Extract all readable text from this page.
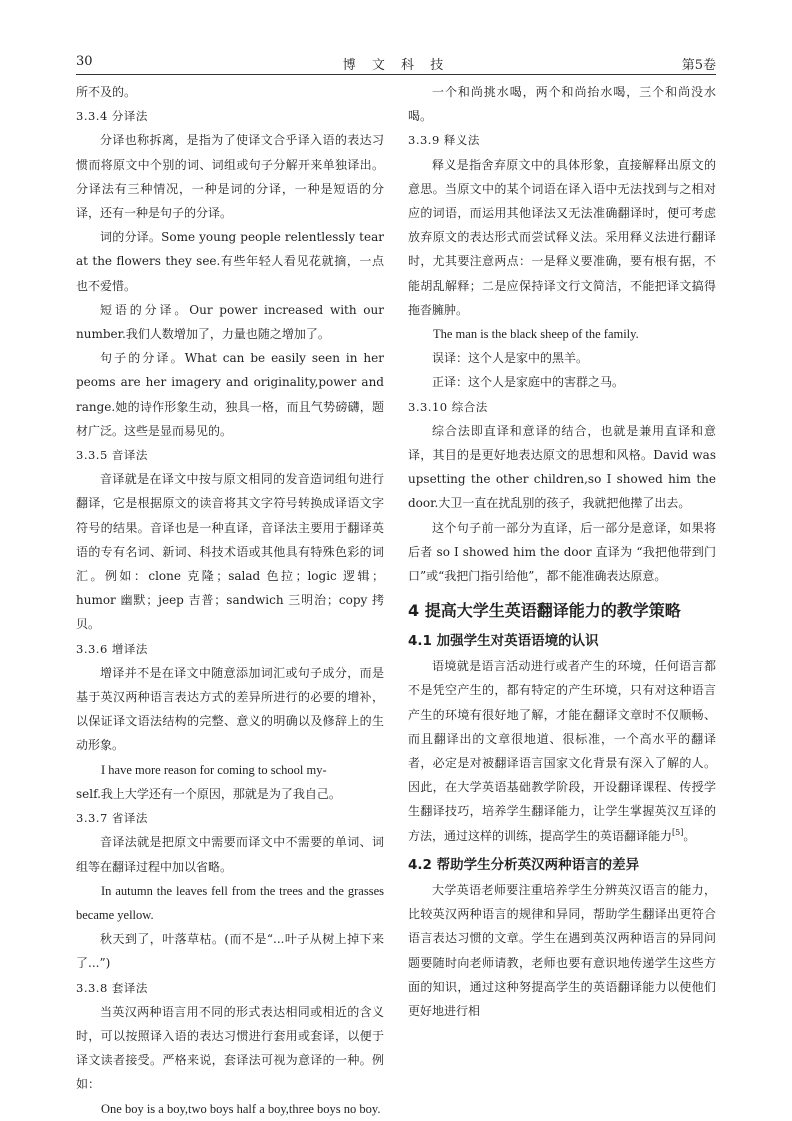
30	博 文 科 技	第5卷

所不及的。

3.3.4 分译法

分译也称拆离，是指为了使译文合乎译入语的表达习惯而将原文中个别的词、词组或句子分解开来单独译出。分译法有三种情况，一种是词的分译，一种是短语的分译，还有一种是句子的分译。

词的分译。Some young people relentlessly tear at the flowers they see.有些年轻人看见花就摘，一点也不爱惜。

短语的分译。Our power increased with our number.我们人数增加了，力量也随之增加了。

句子的分译。What can be easily seen in her peoms are her imagery and originality,power and range.她的诗作形象生动，独具一格，而且气势磅礴，题材广泛。这些是显而易见的。

3.3.5 音译法

音译就是在译文中按与原文相同的发音造词组句进行翻译，它是根据原文的读音将其文字符号转换成译语文字符号的结果。音译也是一种直译，音译法主要用于翻译英语的专有名词、新词、科技术语或其他具有特殊色彩的词汇。例如：clone 克隆；salad 色拉；logic 逻辑；humor 幽默；jeep 吉普；sandwich 三明治；copy 拷贝。

3.3.6 增译法

增译并不是在译文中随意添加词汇或句子成分，而是基于英汉两种语言表达方式的差异所进行的必要的增补，以保证译文语法结构的完整、意义的明确以及修辞上的生动形象。

I have more reason for coming to school my-

self.我上大学还有一个原因，那就是为了我自己。

3.3.7 省译法

音译法就是把原文中需要而译文中不需要的单词、词组等在翻译过程中加以省略。

In autumn the leaves fell from the trees and the grasses became yellow.

秋天到了，叶落草枯。(而不是“...叶子从树上掉下来了...”)

3.3.8 套译法

当英汉两种语言用不同的形式表达相同或相近的含义时，可以按照译入语的表达习惯进行套用或套译，以便于译文读者接受。严格来说，套译法可视为意译的一种。例如：

One boy is a boy,two boys half a boy,three boys no boy.

一个和尚挑水喝，两个和尚抬水喝，三个和尚没水喝。

3.3.9 释义法

释义是指舍弃原文中的具体形象，直接解释出原文的意思。当原文中的某个词语在译入语中无法找到与之相对应的词语，而运用其他译法又无法准确翻译时，便可考虑放弃原文的表达形式而尝试释义法。采用释义法进行翻译时，尤其要注意两点：一是释义要准确，要有根有据，不能胡乱解释；二是应保持译文行文简洁，不能把译文搞得拖沓臃肿。

The man is the black sheep of the family.

误译：这个人是家中的黑羊。

正译：这个人是家庭中的害群之马。

3.3.10 综合法

综合法即直译和意译的结合，也就是兼用直译和意译，其目的是更好地表达原文的思想和风格。David was upsetting the other children,so I showed him the door.大卫一直在扰乱别的孩子，我就把他撵了出去。

这个句子前一部分为直译，后一部分是意译，如果将后者 so I showed him the door 直译为 “我把他带到门口”或“我把门指引给他”，都不能准确表达原意。

4 提高大学生英语翻译能力的教学策略

4.1 加强学生对英语语境的认识

语境就是语言活动进行或者产生的环境，任何语言都不是凭空产生的，都有特定的产生环境，只有对这种语言产生的环境有很好地了解，才能在翻译文章时不仅顺畅、而且翻译出的文章很地道、很标准，一个高水平的翻译者，必定是对被翻译语言国家文化背景有深入了解的人。因此，在大学英语基础教学阶段，开设翻译课程、传授学生翻译技巧，培养学生翻译能力，让学生掌握英汉互译的方法，通过这样的训练，提高学生的英语翻译能力[5]。

4.2 帮助学生分析英汉两种语言的差异

大学英语老师要注重培养学生分辨英汉语言的能力，比较英汉两种语言的规律和异同，帮助学生翻译出更符合语言表达习惯的文章。学生在遇到英汉两种语言的异同问题要随时向老师请教，老师也要有意识地传递学生这些方面的知识，通过这种努提高学生的英语翻译能力以使他们更好地进行相
